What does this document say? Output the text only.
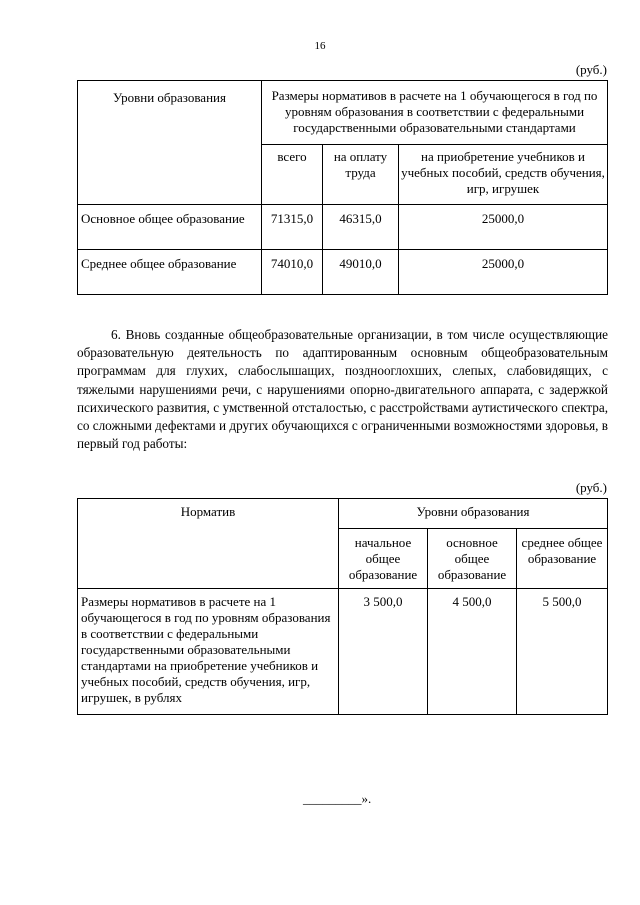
16
(руб.)
Уровни образования	Размеры нормативов в расчете на 1 обучающегося в год по уровням образования в соответствии с федеральными государственными образовательными стандартами		
	всего	на оплату труда	на приобретение учебников и учебных пособий, средств обучения, игр, игрушек
Основное общее образование	71315,0	46315,0	25000,0
Среднее общее образование	74010,0	49010,0	25000,0

6. Вновь созданные общеобразовательные организации, в том числе осуществляющие образовательную деятельность по адаптированным основным общеобразовательным программам для глухих, слабослышащих, позднооглохших, слепых, слабовидящих, с тяжелыми нарушениями речи, с нарушениями опорно-двигательного аппарата, с задержкой психического развития, с умственной отсталостью, с расстройствами аутистического спектра, со сложными дефектами и других обучающихся с ограниченными возможностями здоровья, в первый год работы:

(руб.)
Норматив	Уровни образования		
	начальное общее образование	основное общее образование	среднее общее образование
Размеры нормативов в расчете на 1 обучающегося в год по уровням образования в соответствии с федеральными государственными образовательными стандартами на приобретение учебников и учебных пособий, средств обучения, игр, игрушек, в рублях	3 500,0	4 500,0	5 500,0
_________».
